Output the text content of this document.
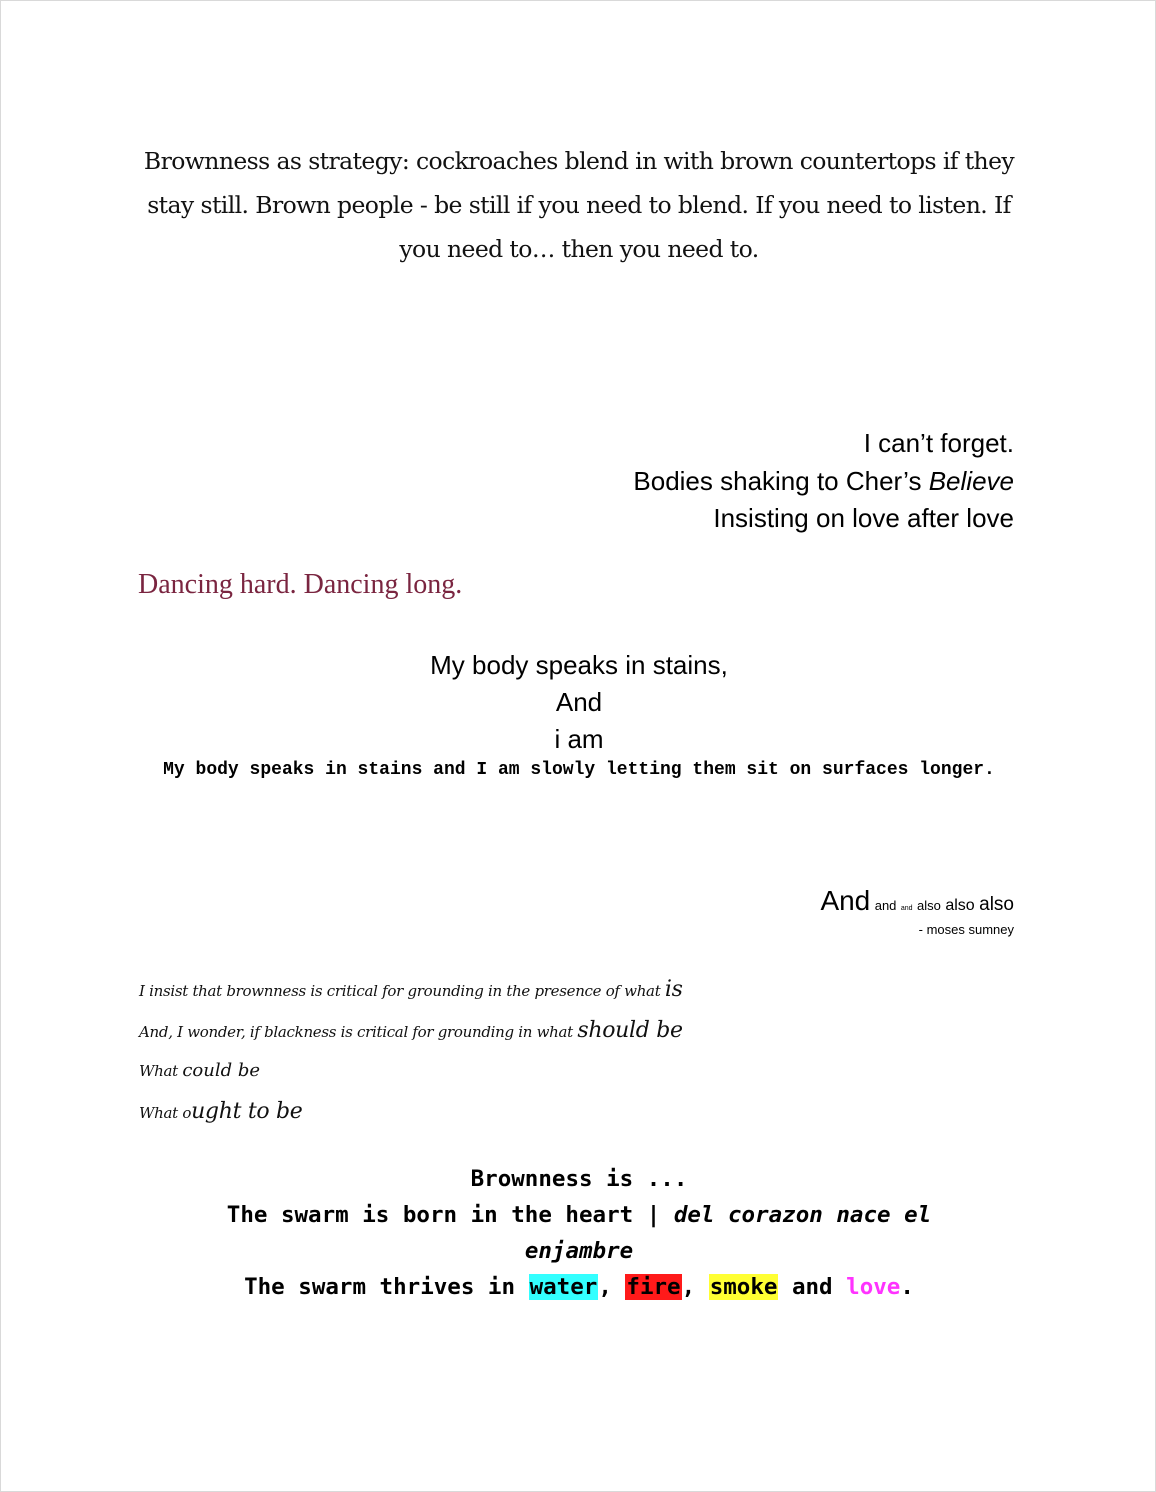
Brownness as strategy: cockroaches blend in with brown countertops if they
stay still. Brown people - be still if you need to blend. If you need to listen. If
you need to… then you need to.
I can’t forget.
Bodies shaking to Cher’s Believe
Insisting on love after love
Dancing hard. Dancing long.
My body speaks in stains,
And
i am
My body speaks in stains and I am slowly letting them sit on surfaces longer.
And and and also also also
- moses sumney
I insist that brownness is critical for grounding in the presence of what is
And, I wonder, if blackness is critical for grounding in what should be
What could be
What ought to be
Brownness is ...
The swarm is born in the heart | del corazon nace el enjambre
The swarm thrives in water, fire, smoke and love.
